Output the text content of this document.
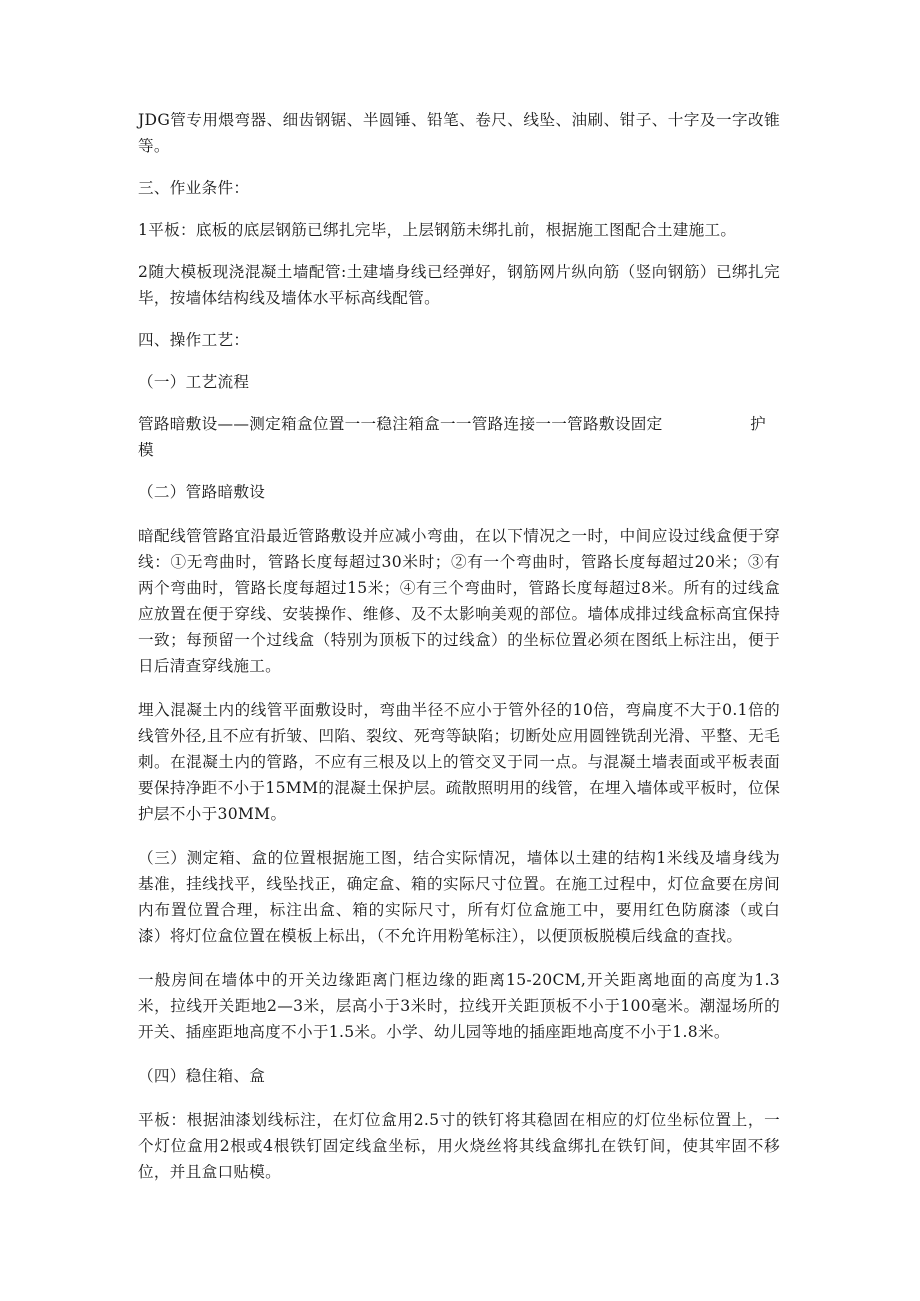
JDG管专用煨弯器、细齿钢锯、半圆锤、铅笔、卷尺、线坠、油刷、钳子、十字及一字改锥等。

三、作业条件：

1平板：底板的底层钢筋已绑扎完毕，上层钢筋未绑扎前，根据施工图配合土建施工。

2随大模板现浇混凝土墙配管:土建墙身线已经弹好，钢筋网片纵向筋（竖向钢筋）已绑扎完毕，按墙体结构线及墙体水平标高线配管。

四、操作工艺：

（一）工艺流程

管路暗敷设——测定箱盒位置一一稳注箱盒一一管路连接一一管路敷设固定	护

模

（二）管路暗敷设

暗配线管管路宜沿最近管路敷设并应减小弯曲，在以下情况之一时，中间应设过线盒便于穿线：①无弯曲时，管路长度每超过30米时；②有一个弯曲时，管路长度每超过20米；③有两个弯曲时，管路长度每超过15米；④有三个弯曲时，管路长度每超过8米。所有的过线盒应放置在便于穿线、安装操作、维修、及不太影响美观的部位。墙体成排过线盒标高宜保持一致；每预留一个过线盒（特别为顶板下的过线盒）的坐标位置必须在图纸上标注出，便于日后清查穿线施工。

埋入混凝土内的线管平面敷设时，弯曲半径不应小于管外径的10倍，弯扁度不大于0.1倍的线管外径,且不应有折皱、凹陷、裂纹、死弯等缺陷；切断处应用圆锉铣刮光滑、平整、无毛刺。在混凝土内的管路，不应有三根及以上的管交叉于同一点。与混凝土墙表面或平板表面要保持净距不小于15MM的混凝土保护层。疏散照明用的线管，在埋入墙体或平板时，位保护层不小于30MM。

（三）测定箱、盒的位置根据施工图，结合实际情况，墙体以土建的结构1米线及墙身线为基准，挂线找平，线坠找正，确定盒、箱的实际尺寸位置。在施工过程中，灯位盒要在房间内布置位置合理，标注出盒、箱的实际尺寸，所有灯位盒施工中，要用红色防腐漆（或白漆）将灯位盒位置在模板上标出，（不允许用粉笔标注），以便顶板脱模后线盒的查找。

一般房间在墙体中的开关边缘距离门框边缘的距离15-20CM,开关距离地面的高度为1.3米，拉线开关距地2—3米，层高小于3米时，拉线开关距顶板不小于100毫米。潮湿场所的开关、插座距地高度不小于1.5米。小学、幼儿园等地的插座距地高度不小于1.8米。

（四）稳住箱、盒

平板：根据油漆划线标注，在灯位盒用2.5寸的铁钉将其稳固在相应的灯位坐标位置上，一个灯位盒用2根或4根铁钉固定线盒坐标，用火烧丝将其线盒绑扎在铁钉间，使其牢固不移位，并且盒口贴模。
